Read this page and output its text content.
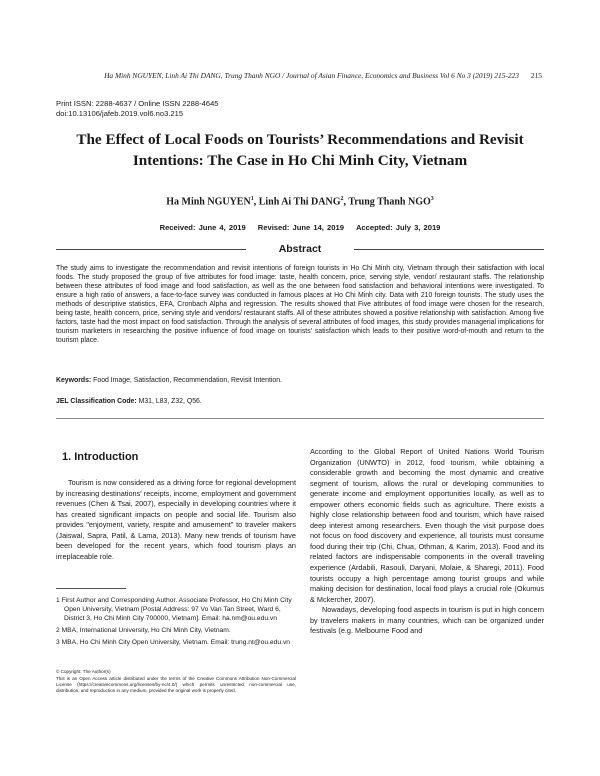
Ha Minh NGUYEN, Linh Ai Thi DANG, Trung Thanh NGO / Journal of Asian Finance, Economics and Business Vol 6 No 3 (2019) 215-223 215
Print ISSN: 2288-4637 / Online ISSN 2288-4645
doi:10.13106/jafeb.2019.vol6.no3.215
The Effect of Local Foods on Tourists’ Recommendations and Revisit
Intentions: The Case in Ho Chi Minh City, Vietnam
Ha Minh NGUYEN$^1$, Linh Ai Thi DANG$^2$, Trung Thanh NGO$^3$
Received: June 4, 2019 Revised: June 14, 2019 Accepted: July 3, 2019
Abstract
The study aims to investigate the recommendation and revisit intentions of foreign tourists in Ho Chi Minh city, Vietnam through their satisfaction with local foods. The study proposed the group of five attributes for food image: taste, health concern, price, serving style, vendor/ restaurant staffs. The relationship between these attributes of food image and food satisfaction, as well as the one between food satisfaction and behavioral intentions were investigated. To ensure a high ratio of answers, a face-to-face survey was conducted in famous places at Ho Chi Minh city. Data with 210 foreign tourists. The study uses the methods of descriptive statistics, EFA, Cronbach Alpha and regression. The results showed that Five attributes of food image were chosen for the research, being taste, health concern, price, serving style and vendors/ restaurant staffs. All of these attributes showed a positive relationship with satisfaction. Among five factors, taste had the most impact on food satisfaction. Through the analysis of several attributes of food images, this study provides managerial implications for tourism marketers in researching the positive influence of food image on tourists' satisfaction which leads to their positive word-of-mouth and return to the tourism place.
Keywords: Food Image, Satisfaction, Recommendation, Revisit Intention.
JEL Classification Code: M31, L83, Z32, Q56.
1. Introduction

Tourism is now considered as a driving force for regional development by increasing destinations' receipts, income, employment and government revenues (Chen & Tsai, 2007), especially in developing countries where it has created significant impacts on people and social life. Tourism also provides "enjoyment, variety, respite and amusement" to traveler makers (Jaiswal, Sapra, Patil, & Lama, 2013). Many new trends of tourism have been developed for the recent years, which food tourism plays an irreplaceable role.

According to the Global Report of United Nations World Tourism Organization (UNWTO) in 2012, food tourism, while obtaining a considerable growth and becoming the most dynamic and creative segment of tourism, allows the rural or developing communities to generate income and employment opportunities locally, as well as to empower others economic fields such as agriculture. There exists a highly close relationship between food and tourism, which have raised deep interest among researchers. Even though the visit purpose does not focus on food discovery and experience, all tourists must consume food during their trip (Chi, Chua, Othman, & Karim, 2013). Food and its related factors are indispensable components in the overall traveling experience (Ardabili, Rasouli, Daryani, Molaie, & Sharegi, 2011). Food tourists occupy a high percentage among tourist groups and while making decision for destination, local food plays a crucial role (Okumus & Mckercher, 2007).

Nowadays, developing food aspects in tourism is put in high concern by travelers makers in many countries, which can be organized under festivals (e.g. Melbourne Food and

1 First Author and Corresponding Author. Associate Professor, Ho Chi Minh City Open University, Vietnam [Postal Address: 97 Vo Van Tan Street, Ward 6, District 3, Ho Chi Minh City 700000, Vietnam]. Email: ha.nm@ou.edu.vn
2 MBA, International University, Ho Chi Minh City, Vietnam.
3 MBA, Ho Chi Minh City Open University, Vietnam. Email: trung.nt@ou.edu.vn
© Copyright: The Author(s)
This is an Open Access article distributed under the terms of the Creative Commons Attribution Non-Commercial License (https://creativecommons.org/licenses/by-nc/4.0/) which permits unrestricted non-commercial use, distribution, and reproduction in any medium, provided the original work is properly cited.
